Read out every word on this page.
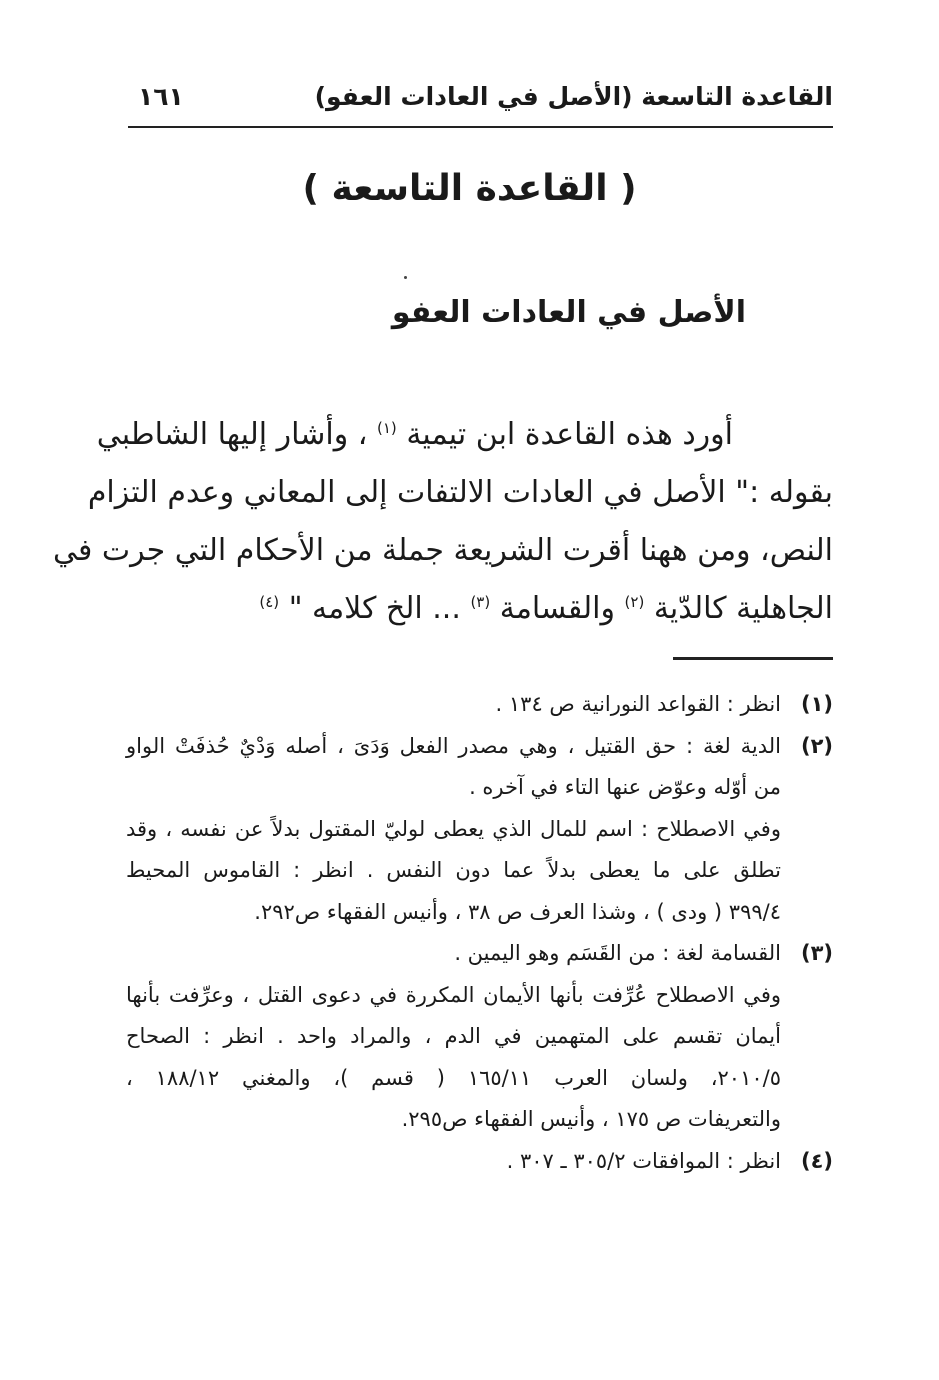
القاعدة التاسعة (الأصل في العادات العفو)
١٦١
( القاعدة التاسعة )
الأصل في العادات العفو
أورد هذه القاعدة ابن تيمية $^{(١)}$ ، وأشار إليها الشاطبي
بقوله :" الأصل في العادات الالتفات إلى المعاني وعدم التزام
النص، ومن ههنا أقرت الشريعة جملة من الأحكام التي جرت في
الجاهلية كالدّية $^{(٢)}$ والقسامة $^{(٣)}$ ... الخ كلامه " $^{(٤)}$
(١)انظر : القواعد النورانية ص ١٣٤ .
(٢)الدية لغة : حق القتيل ، وهي مصدر الفعل وَدَىَ ، أصله وَدْيٌ حُذفَتْ الواو
من أوّله وعوّض عنها التاء في آخره .
وفي الاصطلاح : اسم للمال الذي يعطى لوليّ المقتول بدلاً عن نفسه ، وقد
تطلق على ما يعطى بدلاً عما دون النفس . انظر : القاموس المحيط
٣٩٩/٤ ( ودى ) ، وشذا العرف ص ٣٨ ، وأنيس الفقهاء ص٢٩٢.
(٣)القسامة لغة : من القَسَم وهو اليمين .
وفي الاصطلاح عُرِّفت بأنها الأيمان المكررة في دعوى القتل ، وعرِّفت بأنها
أيمان تقسم على المتهمين في الدم ، والمراد واحد . انظر : الصحاح
٢٠١٠/٥، ولسان العرب ١٦٥/١١ ( قسم )، والمغني ١٨٨/١٢ ،
والتعريفات ص ١٧٥ ، وأنيس الفقهاء ص٢٩٥.
(٤)انظر : الموافقات ٣٠٥/٢ ـ ٣٠٧ .
